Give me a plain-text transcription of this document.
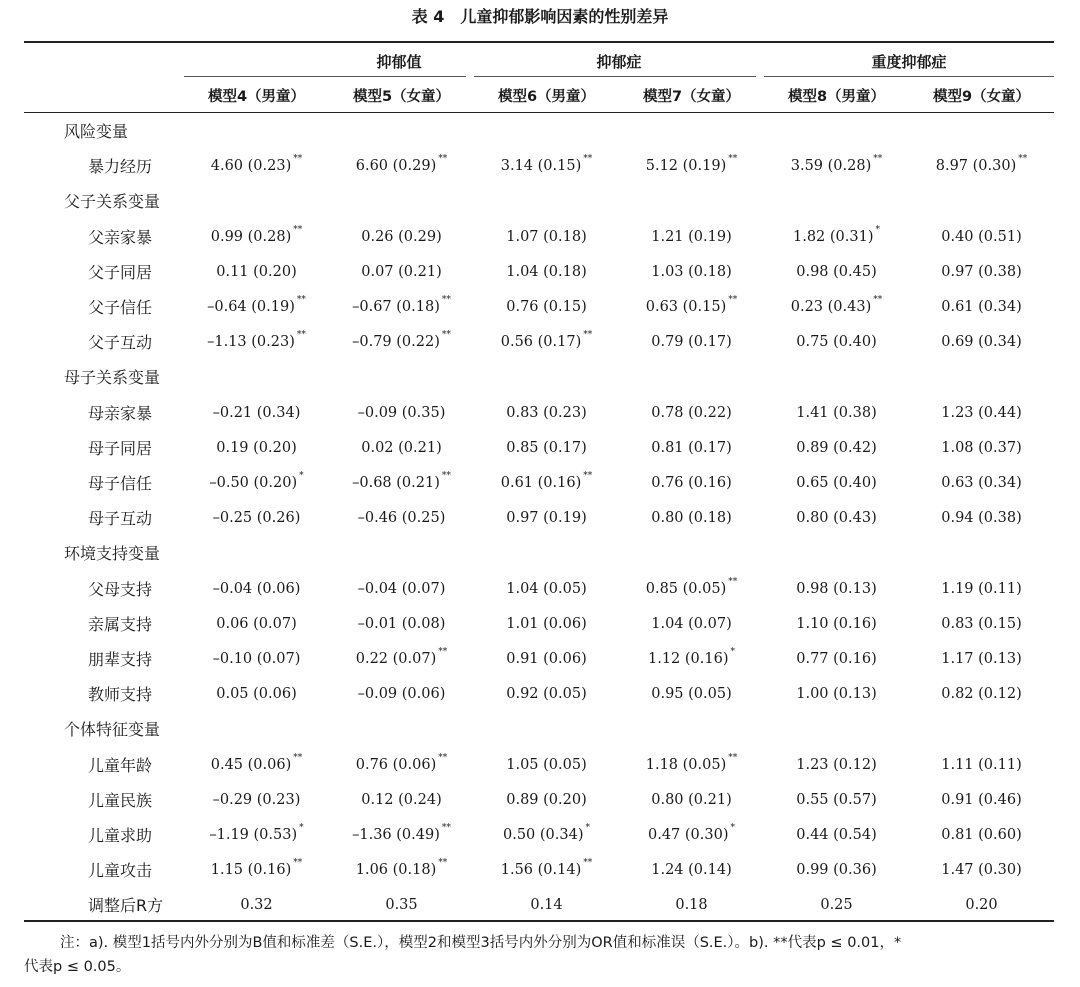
表 4　儿童抑郁影响因素的性别差异
抑郁值	抑郁症	重度抑郁症
模型4（男童）	模型5（女童）	模型6（男童）	模型7（女童）	模型8（男童）	模型9（女童）
风险变量
暴力经历	4.60 (0.23) **	6.60 (0.29) **	3.14 (0.15) **	5.12 (0.19) **	3.59 (0.28) **	8.97 (0.30) **
父子关系变量
父亲家暴	0.99 (0.28) **	0.26 (0.29)	1.07 (0.18)	1.21 (0.19)	1.82 (0.31) *	0.40 (0.51)
父子同居	0.11 (0.20)	0.07 (0.21)	1.04 (0.18)	1.03 (0.18)	0.98 (0.45)	0.97 (0.38)
父子信任	–0.64 (0.19) **	–0.67 (0.18) **	0.76 (0.15)	0.63 (0.15) **	0.23 (0.43) **	0.61 (0.34)
父子互动	–1.13 (0.23) **	–0.79 (0.22) **	0.56 (0.17) **	0.79 (0.17)	0.75 (0.40)	0.69 (0.34)
母子关系变量
母亲家暴	–0.21 (0.34)	–0.09 (0.35)	0.83 (0.23)	0.78 (0.22)	1.41 (0.38)	1.23 (0.44)
母子同居	0.19 (0.20)	0.02 (0.21)	0.85 (0.17)	0.81 (0.17)	0.89 (0.42)	1.08 (0.37)
母子信任	–0.50 (0.20) *	–0.68 (0.21) **	0.61 (0.16) **	0.76 (0.16)	0.65 (0.40)	0.63 (0.34)
母子互动	–0.25 (0.26)	–0.46 (0.25)	0.97 (0.19)	0.80 (0.18)	0.80 (0.43)	0.94 (0.38)
环境支持变量
父母支持	–0.04 (0.06)	–0.04 (0.07)	1.04 (0.05)	0.85 (0.05) **	0.98 (0.13)	1.19 (0.11)
亲属支持	0.06 (0.07)	–0.01 (0.08)	1.01 (0.06)	1.04 (0.07)	1.10 (0.16)	0.83 (0.15)
朋辈支持	–0.10 (0.07)	0.22 (0.07) **	0.91 (0.06)	1.12 (0.16) *	0.77 (0.16)	1.17 (0.13)
教师支持	0.05 (0.06)	–0.09 (0.06)	0.92 (0.05)	0.95 (0.05)	1.00 (0.13)	0.82 (0.12)
个体特征变量
儿童年龄	0.45 (0.06) **	0.76 (0.06) **	1.05 (0.05)	1.18 (0.05) **	1.23 (0.12)	1.11 (0.11)
儿童民族	–0.29 (0.23)	0.12 (0.24)	0.89 (0.20)	0.80 (0.21)	0.55 (0.57)	0.91 (0.46)
儿童求助	–1.19 (0.53) *	–1.36 (0.49) **	0.50 (0.34) *	0.47 (0.30) *	0.44 (0.54)	0.81 (0.60)
儿童攻击	1.15 (0.16) **	1.06 (0.18) **	1.56 (0.14) **	1.24 (0.14)	0.99 (0.36)	1.47 (0.30)
调整后R方	0.32	0.35	0.14	0.18	0.25	0.20
注：a). 模型1括号内外分别为B值和标准差（S.E.），模型2和模型3括号内外分别为OR值和标准误（S.E.）。b). **代表p ≤ 0.01，*
代表p ≤ 0.05。
